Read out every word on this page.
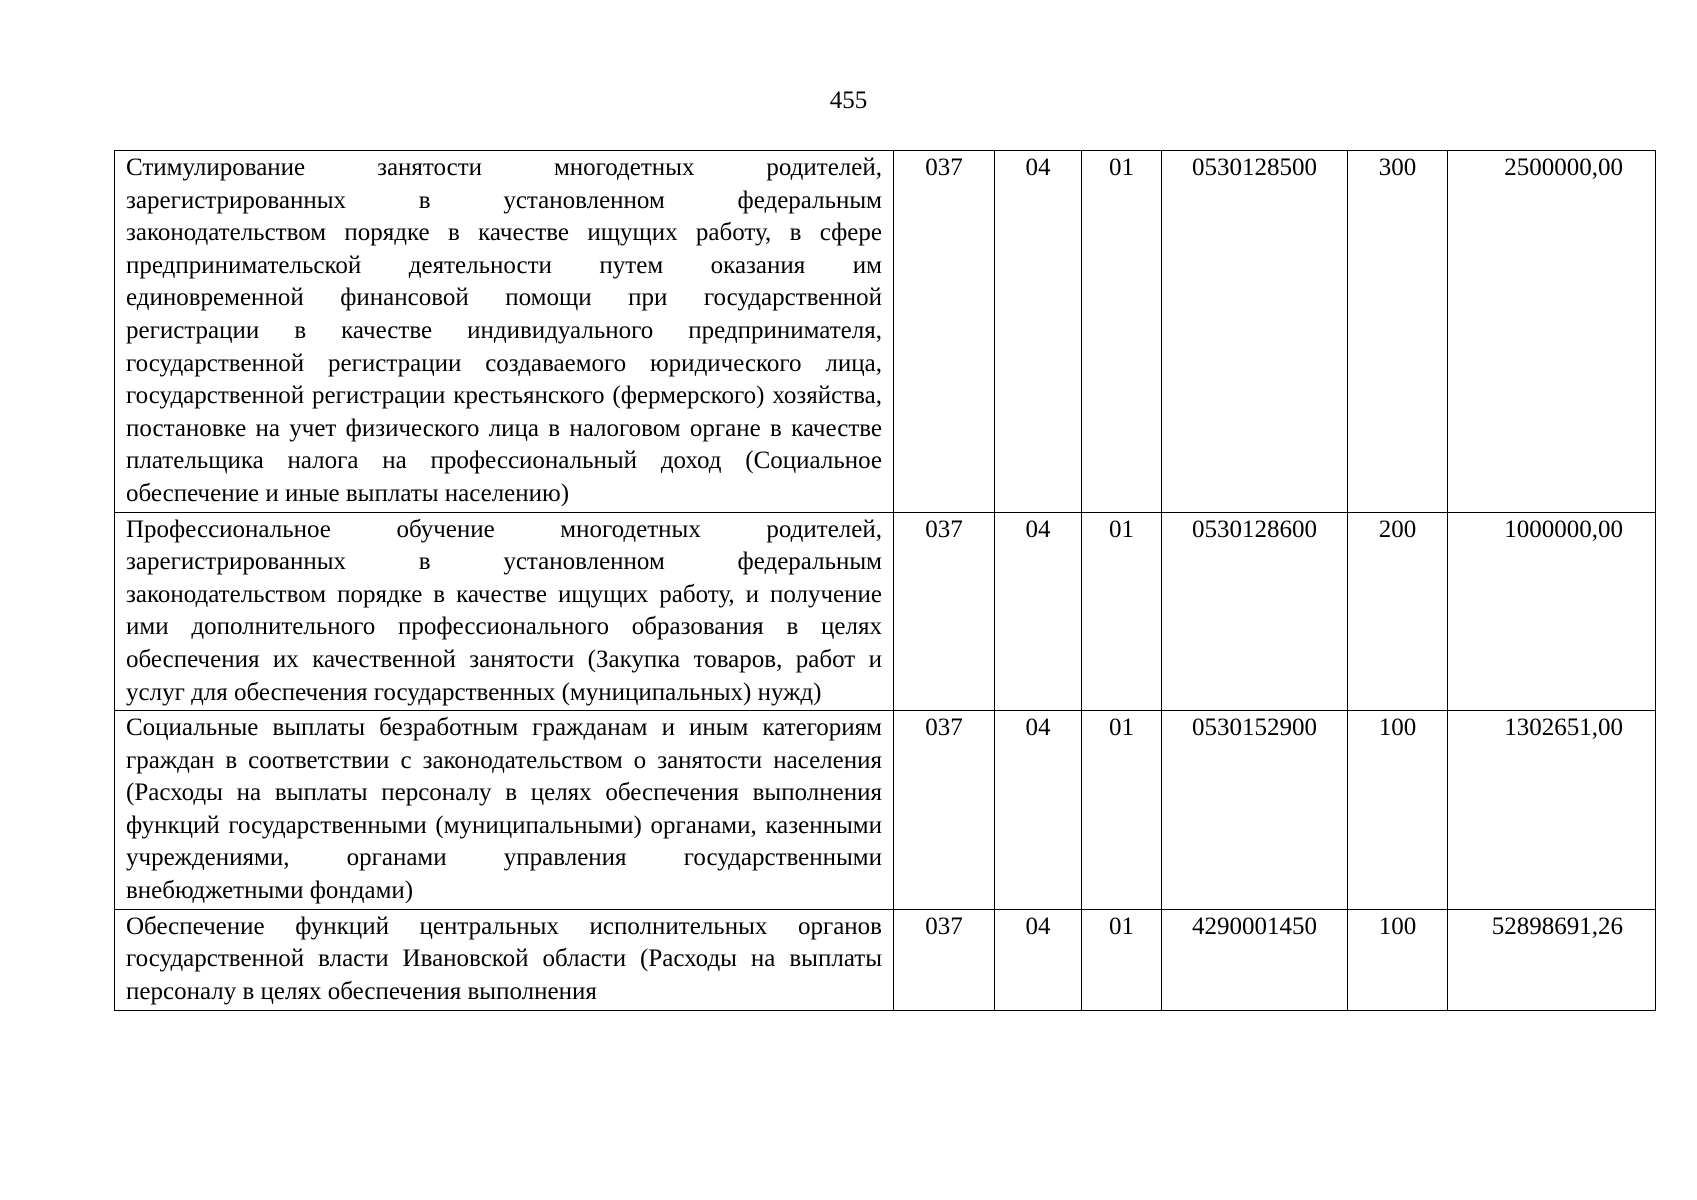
455
Стимулирование занятости многодетных родителей, зарегистрированных в установленном федеральным законодательством порядке в качестве ищущих работу, в сфере предпринимательской деятельности путем оказания им единовременной финансовой помощи при государственной регистрации в качестве индивидуального предпринимателя, государственной регистрации создаваемого юридического лица, государственной регистрации крестьянского (фермерского) хозяйства, постановке на учет физического лица в налоговом органе в качестве плательщика налога на профессиональный доход (Социальное обеспечение и иные выплаты населению)	037	04	01	0530128500	300	2500000,00
Профессиональное обучение многодетных родителей, зарегистрированных в установленном федеральным законодательством порядке в качестве ищущих работу, и получение ими дополнительного профессионального образования в целях обеспечения их качественной занятости (Закупка товаров, работ и услуг для обеспечения государственных (муниципальных) нужд)	037	04	01	0530128600	200	1000000,00
Социальные выплаты безработным гражданам и иным категориям граждан в соответствии с законодательством о занятости населения (Расходы на выплаты персоналу в целях обеспечения выполнения функций государственными (муниципальными) органами, казенными учреждениями, органами управления государственными внебюджетными фондами)	037	04	01	0530152900	100	1302651,00

Обеспечение функций центральных исполнительных органов государственной власти Ивановской области (Расходы на выплаты персоналу в целях обеспечения выполнения	037	04	01	4290001450	100	52898691,26
